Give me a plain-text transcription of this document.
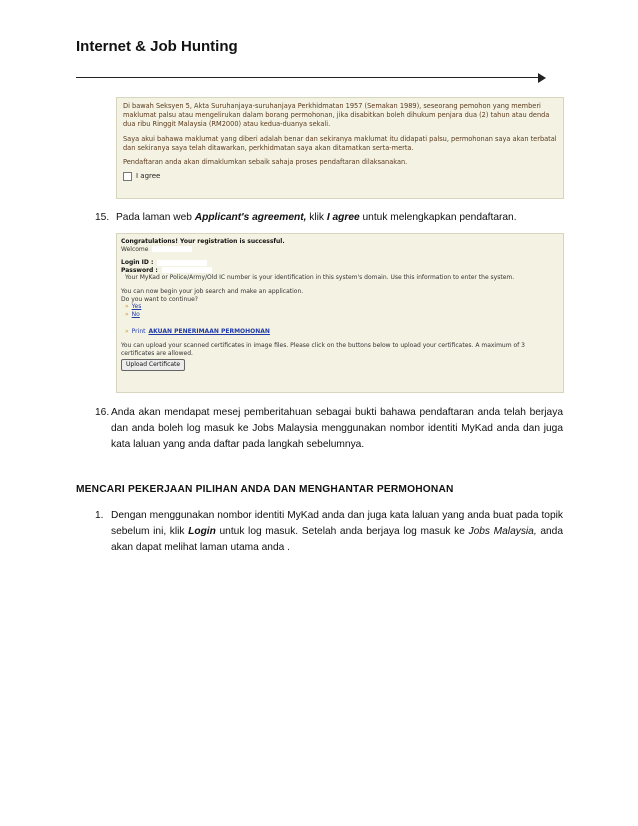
Internet & Job Hunting

Di bawah Seksyen 5, Akta Suruhanjaya-suruhanjaya Perkhidmatan 1957 (Semakan 1989), seseorang pemohon yang memberi maklumat palsu atau mengelirukan dalam borang permohonan, jika disabitkan boleh dihukum penjara dua (2) tahun atau denda dua ribu Ringgit Malaysia (RM2000) atau kedua-duanya sekali.

Saya akui bahawa maklumat yang diberi adalah benar dan sekiranya maklumat itu didapati palsu, permohonan saya akan terbatal dan sekiranya saya telah ditawarkan, perkhidmatan saya akan ditamatkan serta-merta.

Pendaftaran anda akan dimaklumkan sebaik sahaja proses pendaftaran dilaksanakan.

I agree
15. Pada laman web Applicant's agreement, klik I agree untuk melengkapkan pendaftaran.
Congratulations! Your registration is successful.
Welcome
Login ID :
Password :
Your MyKad or Police/Army/Old IC number is your identification in this system's domain. Use this information to enter the system.
You can now begin your job search and make an application.
Do you want to continue?
» Yes
» No
» Print AKUAN PENERIMAAN PERMOHONAN
You can upload your scanned certificates in image files. Please click on the buttons below to upload your certificates. A maximum of 3 certificates are allowed.
Upload Certificate
16. Anda akan mendapat mesej pemberitahuan sebagai bukti bahawa pendaftaran anda telah berjaya dan anda boleh log masuk ke Jobs Malaysia menggunakan nombor identiti MyKad anda dan juga kata laluan yang anda daftar pada langkah sebelumnya.
MENCARI PEKERJAAN PILIHAN ANDA DAN MENGHANTAR PERMOHONAN
1. Dengan menggunakan nombor identiti MyKad anda dan juga kata laluan yang anda buat pada topik sebelum ini, klik Login untuk log masuk. Setelah anda berjaya log masuk ke Jobs Malaysia, anda akan dapat melihat laman utama anda .
